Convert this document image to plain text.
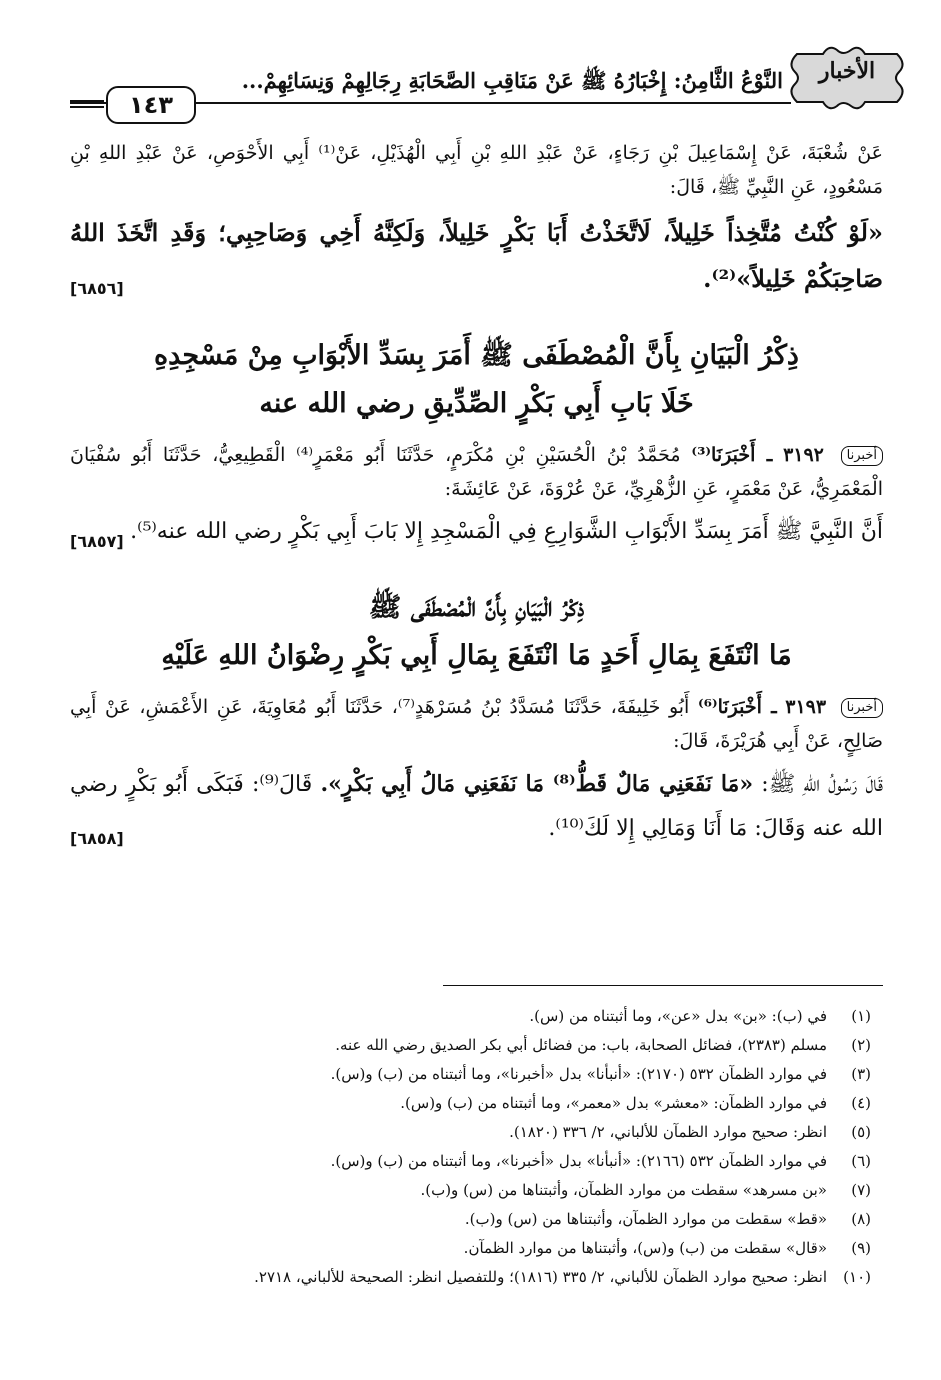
الأخبار
النَّوْعُ الثَّامِنُ: إِخْبَارُهُ ﷺ عَنْ مَنَاقِبِ الصَّحَابَةِ رِجَالِهِمْ وَنِسَائِهِمْ...
١٤٣

عَنْ شُعْبَةَ، عَنْ إِسْمَاعِيلَ بْنِ رَجَاءٍ، عَنْ عَبْدِ اللهِ بْنِ أَبِي الْهُذَيْلِ، عَنْ⁽¹⁾ أَبِي الأَحْوَصِ، عَنْ عَبْدِ اللهِ بْنِ مَسْعُودٍ، عَنِ النَّبِيِّ ﷺ، قَالَ:

«لَوْ كُنْتُ مُتَّخِذاً خَلِيلاً، لَاتَّخَذْتُ أَبَا بَكْرٍ خَلِيلاً، وَلَكِنَّهُ أَخِي وَصَاحِبِي؛ وَقَدِ اتَّخَذَ اللهُ صَاحِبَكُمْ خَلِيلاً»⁽²⁾.
[٦٨٥٦]

ذِكْرُ الْبَيَانِ بِأَنَّ الْمُصْطَفَى ﷺ أَمَرَ بِسَدِّ الأَبْوَابِ مِنْ مَسْجِدِهِ
خَلَا بَابِ أَبِي بَكْرٍ الصِّدِّيقِ رضي الله عنه

أخبرنا ٣١٩٢ ـ أَخْبَرَنَا⁽³⁾ مُحَمَّدُ بْنُ الْحُسَيْنِ بْنِ مُكْرَمٍ، حَدَّثَنَا أَبُو مَعْمَرٍ⁽⁴⁾ الْقَطِيعِيُّ، حَدَّثَنَا أَبُو سُفْيَانَ الْمَعْمَرِيُّ، عَنْ مَعْمَرٍ، عَنِ الزُّهْرِيِّ، عَنْ عُرْوَةَ، عَنْ عَائِشَةَ:

أَنَّ النَّبِيَّ ﷺ أَمَرَ بِسَدِّ الأَبْوَابِ الشَّوَارِعِ فِي الْمَسْجِدِ إِلا بَابَ أَبِي بَكْرٍ رضي الله عنه⁽⁵⁾.
[٦٨٥٧]

ذِكْرُ الْبَيَانِ بِأَنَّ الْمُصْطَفَى ﷺ
مَا انْتَفَعَ بِمَالِ أَحَدٍ مَا انْتَفَعَ بِمَالِ أَبِي بَكْرٍ رِضْوَانُ اللهِ عَلَيْهِ

أخبرنا ٣١٩٣ ـ أَخْبَرَنَا⁽⁶⁾ أَبُو خَلِيفَةَ، حَدَّثَنَا مُسَدَّدُ بْنُ مُسَرْهَدٍ⁽⁷⁾، حَدَّثَنَا أَبُو مُعَاوِيَةَ، عَنِ الأَعْمَشِ، عَنْ أَبِي صَالِحٍ، عَنْ أَبِي هُرَيْرَةَ، قَالَ:

قَالَ رَسُولُ اللهِ ﷺ: «مَا نَفَعَنِي مَالٌ قَطُّ⁽⁸⁾ مَا نَفَعَنِي مَالُ أَبِي بَكْرٍ». قَالَ⁽⁹⁾: فَبَكَى أَبُو بَكْرٍ رضي الله عنه وَقَالَ: مَا أَنَا وَمَالِي إِلا لَكَ⁽¹⁰⁾.
[٦٨٥٨]

(١)في (ب): «بن» بدل «عن»، وما أثبتناه من (س).
(٢)مسلم (٢٣٨٣)، فضائل الصحابة، باب: من فضائل أبي بكر الصديق رضي الله عنه.
(٣)في موارد الظمآن ٥٣٢ (٢١٧٠): «أنبأنا» بدل «أخبرنا»، وما أثبتناه من (ب) و(س).
(٤)في موارد الظمآن: «معشر» بدل «معمر»، وما أثبتناه من (ب) و(س).
(٥)انظر: صحيح موارد الظمآن للألباني، ٢/ ٣٣٦ (١٨٢٠).
(٦)في موارد الظمآن ٥٣٢ (٢١٦٦): «أنبأنا» بدل «أخبرنا»، وما أثبتناه من (ب) و(س).
(٧)«بن مسرهد» سقطت من موارد الظمآن، وأثبتناها من (س) و(ب).
(٨)«قط» سقطت من موارد الظمآن، وأثبتناها من (س) و(ب).
(٩)«قال» سقطت من (ب) و(س)، وأثبتناها من موارد الظمآن.
(١٠)انظر: صحيح موارد الظمآن للألباني، ٢/ ٣٣٥ (١٨١٦)؛ وللتفصيل انظر: الصحيحة للألباني، ٢٧١٨.
